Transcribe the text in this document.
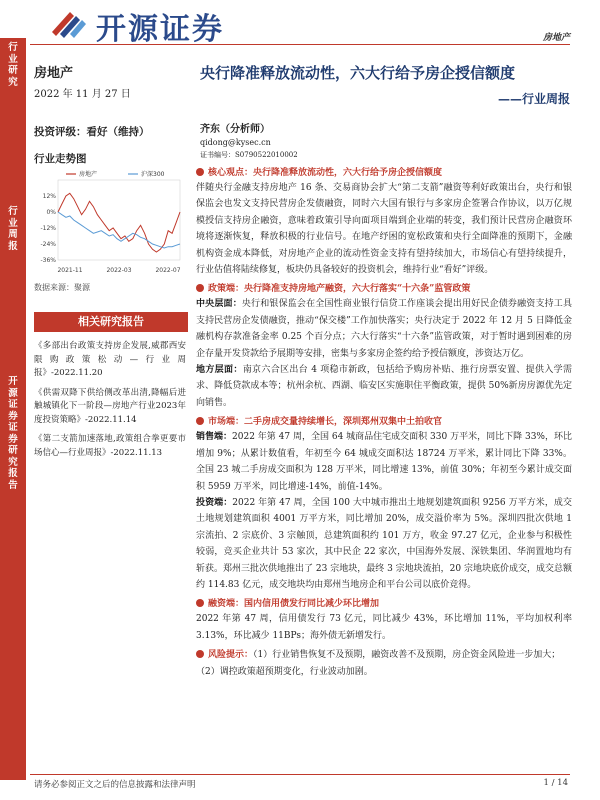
开源证券	房地产
行业研究
行业周报
开源证券 证券研究报告
房地产
2022 年 11 月 27 日
投资评级：看好（维持）
行业走势图
12%
0%
-12%
-24%
-36%
2021-11	2022-03	2022-07
房地产	沪深300
数据来源：聚源
相关研究报告
《多部出台政策支持房企发展,威郡西安限购政策松动—行业周报》-2022.11.20
《供需双降下供给侧改革出清,降幅后进触城镇化下一阶段—房地产行业2023年度投资策略》-2022.11.14
《第二支箭加速落地,政策组合拳更要市场信心—行业周报》-2022.11.13
央行降准释放流动性，六大行给予房企授信额度
——行业周报
齐东（分析师）
qidong@kysec.cn
证书编号：S0790522010002
核心观点：央行降准释放流动性，六大行给予房企授信额度
伴随央行金融支持房地产 16 条、交易商协会扩大“第二支箭”融资等利好政策出台，央行和银保监会也发文支持民营房企发债融资，同时六大国有银行与多家房企签署合作协议，以万亿规模授信支持房企融资，意味着政策引导向面项目端到企业端的转变，我们预计民营房企融资环境将逐渐恢复，释放积极的行业信号。在地产纾困的宽松政策和央行全面降准的预期下，金融机构资金成本降低，对房地产企业的流动性资金支持有望持续加大，市场信心有望持续提升，行业估值将陆续修复，板块仍具备较好的投资机会，维持行业“看好”评级。
政策端：央行降准支持房地产融资，六大行落实“十六条”监管政策
中央层面：央行和银保监会在全国性商业银行信贷工作座谈会提出用好民企债券融资支持工具支持民营房企发债融资，推动“保交楼”工作加快落实；央行决定于 2022 年 12 月 5 日降低金融机构存款准备金率 0.25 个百分点；六大行落实“十六条”监管政策，对于暂时遇到困难的房企存量开发贷款给予展期等安排，密集与多家房企签约给予授信额度，涉资达万亿。
地方层面：南京六合区出台 4 项稳市新政，包括给予购房补贴、推行房票安置、提供入学需求、降低贷款成本等；杭州余杭、西湖、临安区实施职住平衡政策，提供 50%新房房源优先定向销售。
市场端：二手房成交量持续增长，深圳郑州双集中土拍收官
销售端：2022 年第 47 周，全国 64 城商品住宅成交面积 330 万平米，同比下降 33%，环比增加 9%；从累计数值看，年初至今 64 城成交面积达 18724 万平米，累计同比下降 33%。全国 23 城二手房成交面积为 128 万平米，同比增速 13%，前值 30%；年初至今累计成交面积 5959 万平米，同比增速-14%，前值-14%。
投资端：2022 年第 47 周，全国 100 大中城市推出土地规划建筑面积 9256 万平方米，成交土地规划建筑面积 4001 万平方米，同比增加 20%，成交溢价率为 5%。深圳四批次供地 1 宗流拍、2 宗底价、3 宗触顶，总建筑面积约 101 万方，收金 97.27 亿元，企业参与积极性较弱，竞买企业共计 53 家次，其中民企 22 家次，中国海外发展、深铁集团、华润置地均有斩获。郑州三批次供地推出了 23 宗地块，最终 3 宗地块流拍，20 宗地块底价成交，成交总额约 114.83 亿元，成交地块均由郑州当地房企和平台公司以底价竞得。
融资端：国内信用债发行同比减少环比增加
2022 年第 47 周，信用债发行 73 亿元，同比减少 43%，环比增加 11%，平均加权利率 3.13%，环比减少 11BPs；海外债无新增发行。
风险提示：（1）行业销售恢复不及预期，融资改善不及预期，房企资金风险进一步加大；（2）调控政策超预期变化，行业波动加剧。
请务必参阅正文之后的信息披露和法律声明	1 / 14
